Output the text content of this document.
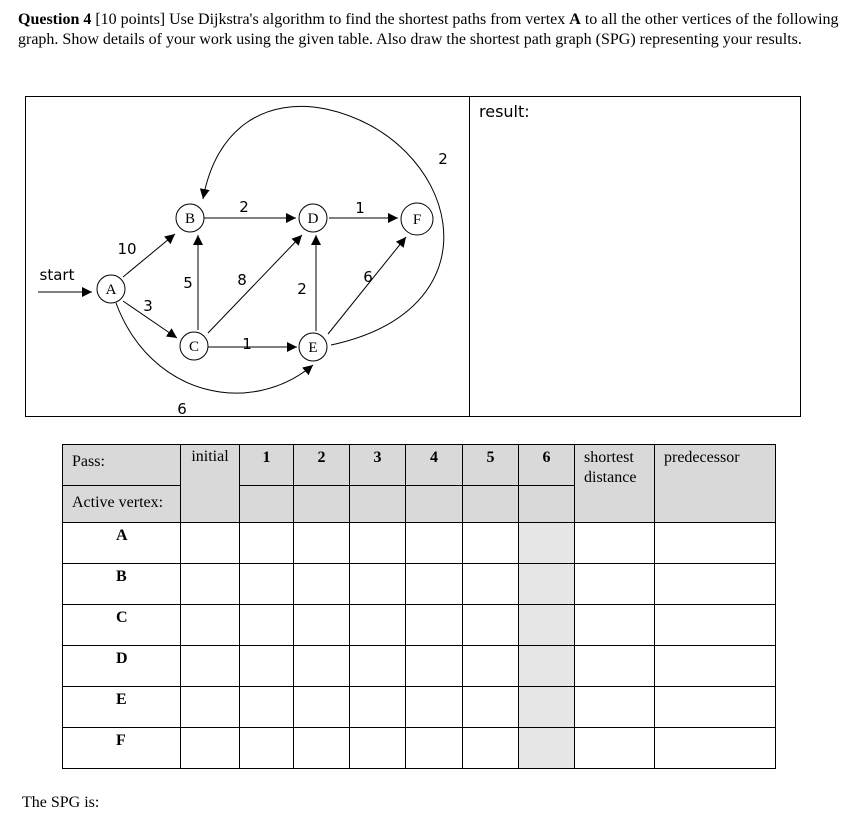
Question 4 [10 points] Use Dijkstra's algorithm to find the shortest paths from vertex A to all the other vertices of the following graph. Show details of your work using the given table. Also draw the shortest path graph (SPG) representing your results.
A
B
C
D
E
F
start
10
3
6
5	8
1
2
2
1
6
2
result:
Pass:	initial	1	2	3	4	5	6	shortest distance	predecessor
Active vertex:									
A									
B									
C									
D									
E									
F									
The SPG is:
